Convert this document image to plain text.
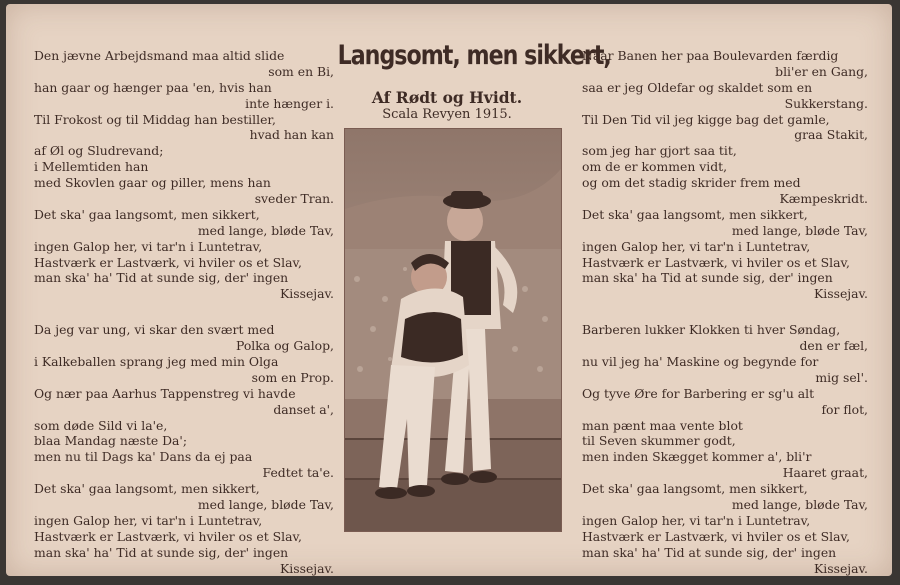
Den jævne Arbejdsmand maa altid slide
som en Bi,
han gaar og hænger paa 'en, hvis han
inte hænger i.
Til Frokost og til Middag han bestiller,
hvad han kan
af Øl og Sludrevand;
i Mellemtiden han
med Skovlen gaar og piller, mens han
sveder Tran.
Det ska' gaa langsomt, men sikkert,
med lange, bløde Tav,
ingen Galop her, vi tar'n i Luntetrav,
Hastværk er Lastværk, vi hviler os et Slav,
man ska' ha' Tid at sunde sig, der' ingen
Kissejav.
Da jeg var ung, vi skar den svært med
Polka og Galop,
i Kalkeballen sprang jeg med min Olga
som en Prop.
Og nær paa Aarhus Tappenstreg vi havde
danset a',
som døde Sild vi la'e,
blaa Mandag næste Da';
men nu til Dags ka' Dans da ej paa
Fedtet ta'e.
Det ska' gaa langsomt, men sikkert,
med lange, bløde Tav,
ingen Galop her, vi tar'n i Luntetrav,
Hastværk er Lastværk, vi hviler os et Slav,
man ska' ha' Tid at sunde sig, der' ingen
Kissejav.
Langsomt, men sikkert,
Af Rødt og Hvidt.
Scala Revyen 1915.
Naar Banen her paa Boulevarden færdig
bli'er en Gang,
saa er jeg Oldefar og skaldet som en
Sukkerstang.
Til Den Tid vil jeg kigge bag det gamle,
graa Stakit,
som jeg har gjort saa tit,
om de er kommen vidt,
og om det stadig skrider frem med
Kæmpeskridt.
Det ska' gaa langsomt, men sikkert,
med lange, bløde Tav,
ingen Galop her, vi tar'n i Luntetrav,
Hastværk er Lastværk, vi hviler os et Slav,
man ska' ha Tid at sunde sig, der' ingen
Kissejav.
Barberen lukker Klokken ti hver Søndag,
den er fæl,
nu vil jeg ha' Maskine og begynde for
mig sel'.
Og tyve Øre for Barbering er sg'u alt
for flot,
man pænt maa vente blot
til Seven skummer godt,
men inden Skægget kommer a', bli'r
Haaret graat,
Det ska' gaa langsomt, men sikkert,
med lange, bløde Tav,
ingen Galop her, vi tar'n i Luntetrav,
Hastværk er Lastværk, vi hviler os et Slav,
man ska' ha' Tid at sunde sig, der' ingen
Kissejav.
